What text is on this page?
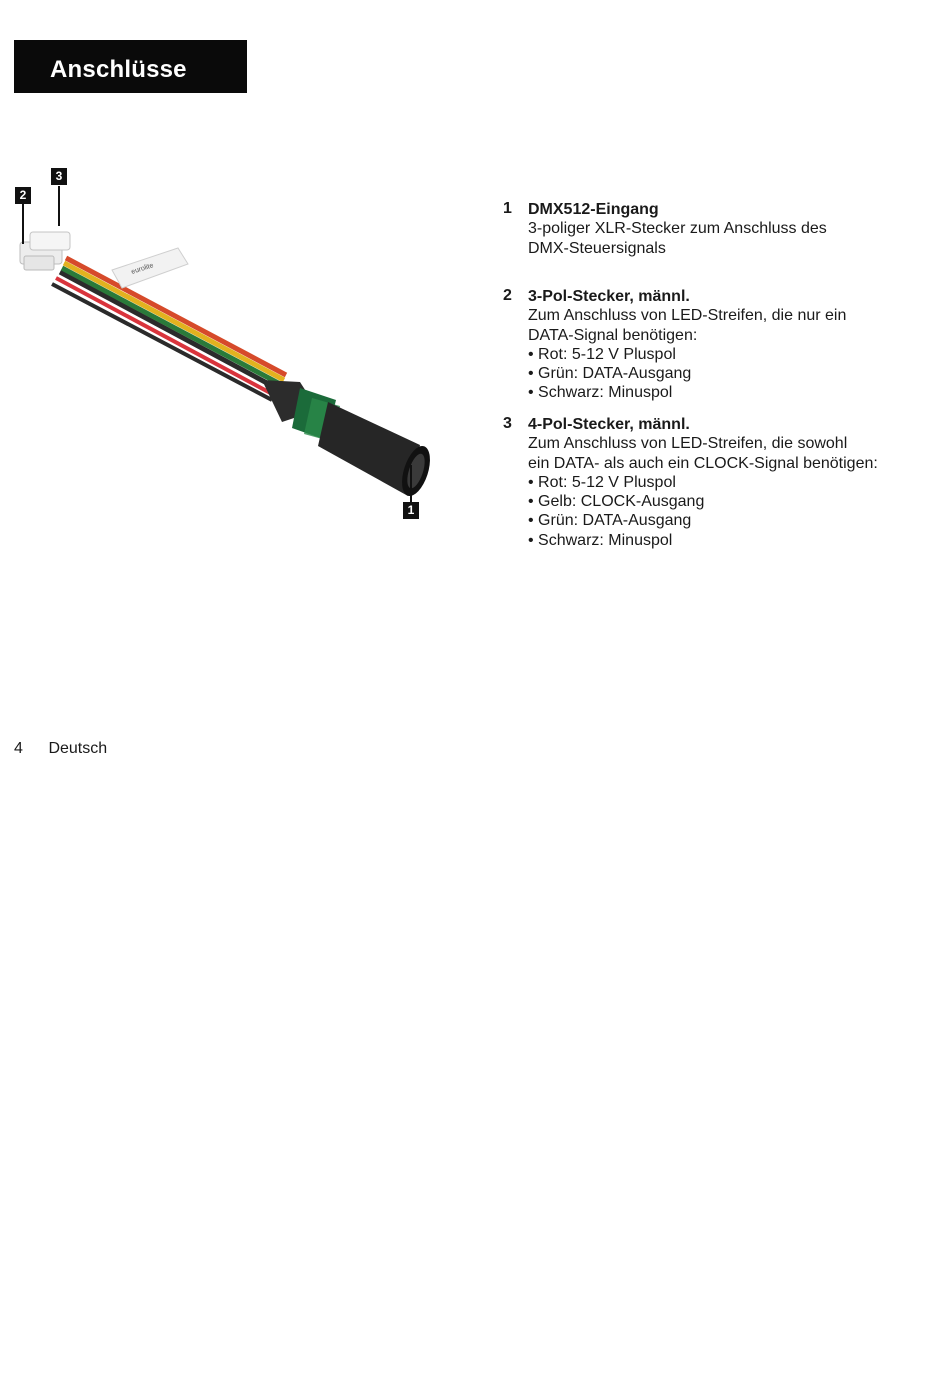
Anschlüsse
eurolite
2
3
1
1	DMX512-Eingang
3-poliger XLR-Stecker zum Anschluss des
DMX-Steuersignals
2	3-Pol-Stecker, männl.
Zum Anschluss von LED-Streifen, die nur ein
DATA-Signal benötigen:
• Rot: 5-12 V Pluspol
• Grün: DATA-Ausgang
• Schwarz: Minuspol
3	4-Pol-Stecker, männl.
Zum Anschluss von LED-Streifen, die sowohl
ein DATA- als auch ein CLOCK-Signal benötigen:
• Rot: 5-12 V Pluspol
• Gelb: CLOCK-Ausgang
• Grün: DATA-Ausgang
• Schwarz: Minuspol
4 Deutsch
